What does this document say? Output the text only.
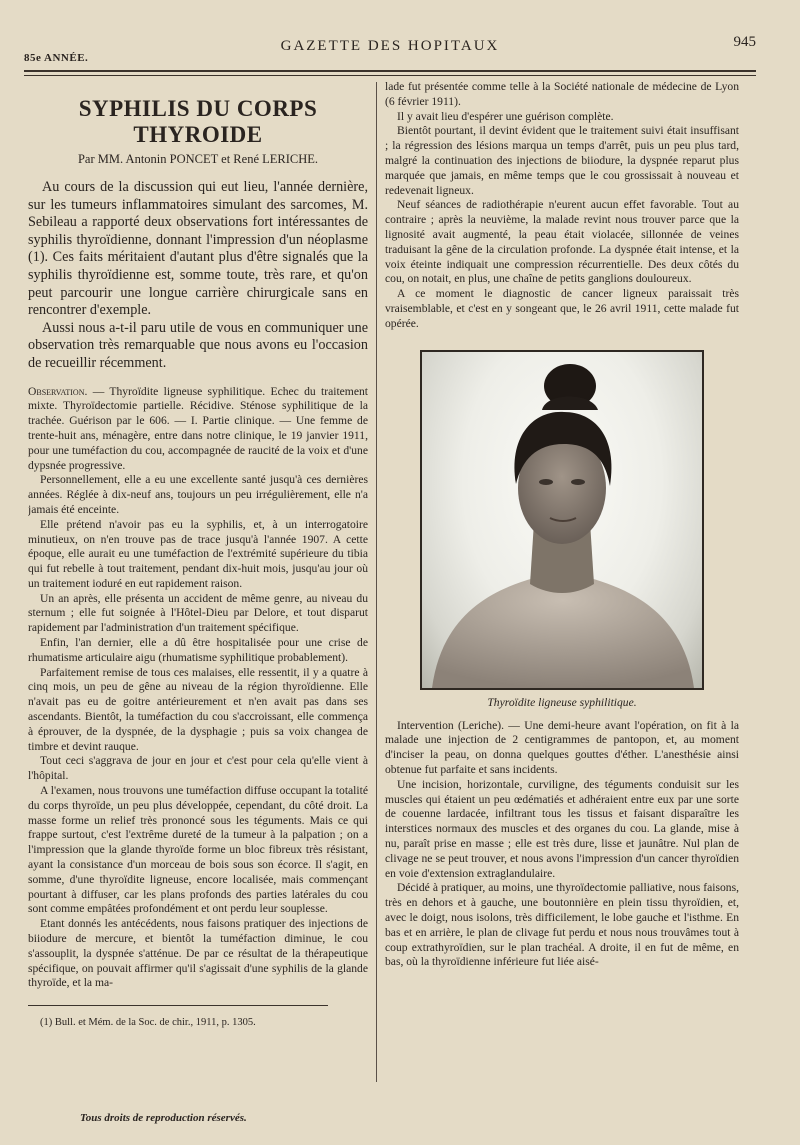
85e ANNÉE.
GAZETTE DES HOPITAUX	945
SYPHILIS DU CORPS THYROIDE
Par MM. Antonin PONCET et René LERICHE.

Au cours de la discussion qui eut lieu, l'année dernière, sur les tumeurs inflammatoires simulant des sarcomes, M. Sebileau a rapporté deux observations fort intéressantes de syphilis thyroïdienne, donnant l'impression d'un néoplasme (1). Ces faits méritaient d'autant plus d'être signalés que la syphilis thyroïdienne est, somme toute, très rare, et qu'on peut parcourir une longue carrière chirurgicale sans en rencontrer d'exemple.

Aussi nous a-t-il paru utile de vous en communiquer une observation très remarquable que nous avons eu l'occasion de recueillir récemment.

Observation. — Thyroïdite ligneuse syphilitique. Echec du traitement mixte. Thyroïdectomie partielle. Récidive. Sténose syphilitique de la trachée. Guérison par le 606. — I. Partie clinique. — Une femme de trente-huit ans, ménagère, entre dans notre clinique, le 19 janvier 1911, pour une tuméfaction du cou, accompagnée de raucité de la voix et d'une dypsnée progressive.

Personnellement, elle a eu une excellente santé jusqu'à ces dernières années. Réglée à dix-neuf ans, toujours un peu irrégulièrement, elle n'a jamais été enceinte.

Elle prétend n'avoir pas eu la syphilis, et, à un interrogatoire minutieux, on n'en trouve pas de trace jusqu'à l'année 1907. A cette époque, elle aurait eu une tuméfaction de l'extrémité supérieure du tibia qui fut rebelle à tout traitement, pendant dix-huit mois, jusqu'au jour où un traitement ioduré en eut rapidement raison.

Un an après, elle présenta un accident de même genre, au niveau du sternum ; elle fut soignée à l'Hôtel-Dieu par Delore, et tout disparut rapidement par l'administration d'un traitement spécifique.

Enfin, l'an dernier, elle a dû être hospitalisée pour une crise de rhumatisme articulaire aigu (rhumatisme syphilitique probablement).

Parfaitement remise de tous ces malaises, elle ressentit, il y a quatre à cinq mois, un peu de gêne au niveau de la région thyroïdienne. Elle n'avait pas eu de goitre antérieurement et n'en avait pas dans ses ascendants. Bientôt, la tuméfaction du cou s'accroissant, elle commença à éprouver, de la dyspnée, de la dysphagie ; puis sa voix changea de timbre et devint rauque.

Tout ceci s'aggrava de jour en jour et c'est pour cela qu'elle vient à l'hôpital.

A l'examen, nous trouvons une tuméfaction diffuse occupant la totalité du corps thyroïde, un peu plus développée, cependant, du côté droit. La masse forme un relief très prononcé sous les téguments. Mais ce qui frappe surtout, c'est l'extrême dureté de la tumeur à la palpation ; on a l'impression que la glande thyroïde forme un bloc fibreux très résistant, ayant la consistance d'un morceau de bois sous son écorce. Il s'agit, en somme, d'une thyroïdite ligneuse, encore localisée, mais commençant pourtant à diffuser, car les plans profonds des parties latérales du cou sont comme empâtées profondément et ont perdu leur souplesse.

Etant donnés les antécédents, nous faisons pratiquer des injections de biiodure de mercure, et bientôt la tuméfaction diminue, le cou s'assouplit, la dyspnée s'atténue. De par ce résultat de la thérapeutique spécifique, on pouvait affirmer qu'il s'agissait d'une syphilis de la glande thyroïde, et la ma-

(1) Bull. et Mém. de la Soc. de chir., 1911, p. 1305.

lade fut présentée comme telle à la Société nationale de médecine de Lyon (6 février 1911).

Il y avait lieu d'espérer une guérison complète.

Bientôt pourtant, il devint évident que le traitement suivi était insuffisant ; la régression des lésions marqua un temps d'arrêt, puis un peu plus tard, malgré la continuation des injections de biiodure, la dyspnée reparut plus marquée que jamais, en même temps que le cou grossissait à nouveau et redevenait ligneux.

Neuf séances de radiothérapie n'eurent aucun effet favorable. Tout au contraire ; après la neuvième, la malade revint nous trouver parce que la lignosité avait augmenté, la peau était violacée, sillonnée de veines traduisant la gêne de la circulation profonde. La dyspnée était intense, et la voix éteinte indiquait une compression récurrentielle. Des deux côtés du cou, on notait, en plus, une chaîne de petits ganglions douloureux.

A ce moment le diagnostic de cancer ligneux paraissait très vraisemblable, et c'est en y songeant que, le 26 avril 1911, cette malade fut opérée.

Thyroïdite ligneuse syphilitique.

Intervention (Leriche). — Une demi-heure avant l'opération, on fit à la malade une injection de 2 centigrammes de pantopon, et, au moment d'inciser la peau, on donna quelques gouttes d'éther. L'anesthésie ainsi obtenue fut parfaite et sans incidents.

Une incision, horizontale, curviligne, des téguments conduisit sur les muscles qui étaient un peu œdématiés et adhéraient entre eux par une sorte de couenne lardacée, infiltrant tous les tissus et faisant disparaître les interstices normaux des muscles et des organes du cou. La glande, mise à nu, paraît prise en masse ; elle est très dure, lisse et jaunâtre. Nul plan de clivage ne se peut trouver, et nous avons l'impression d'un cancer thyroïdien en voie d'extension extraglandulaire.

Décidé à pratiquer, au moins, une thyroïdectomie palliative, nous faisons, très en dehors et à gauche, une boutonnière en plein tissu thyroïdien, et, avec le doigt, nous isolons, très difficilement, le lobe gauche et l'isthme. En bas et en arrière, le plan de clivage fut perdu et nous nous trouvâmes tout à coup extrathyroïdien, sur le plan trachéal. A droite, il en fut de même, en bas, où la thyroïdienne inférieure fut liée aisé-

Tous droits de reproduction réservés.
